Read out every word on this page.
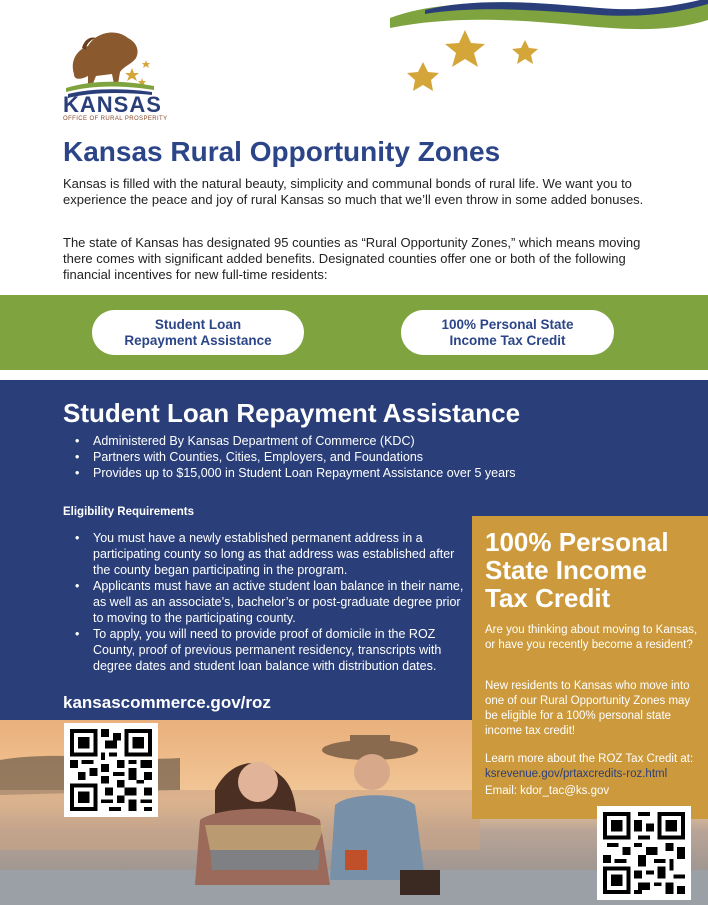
KANSAS
OFFICE OF RURAL PROSPERITY
Kansas Rural Opportunity Zones

Kansas is filled with the natural beauty, simplicity and communal bonds of rural life. We want you to experience the peace and joy of rural Kansas so much that we’ll even throw in some added bonuses.

The state of Kansas has designated 95 counties as “Rural Opportunity Zones,” which means moving there comes with significant added benefits. Designated counties offer one or both of the following financial incentives for new full-time residents:

Student Loan
Repayment Assistance
100% Personal State
Income Tax Credit
Student Loan Repayment Assistance
• Administered By Kansas Department of Commerce (KDC)
• Partners with Counties, Cities, Employers, and Foundations
• Provides up to $15,000 in Student Loan Repayment Assistance over 5 years
Eligibility Requirements
• You must have a newly established permanent address in a participating county so long as that address was established after the county began participating in the program.
• Applicants must have an active student loan balance in their name, as well as an associate’s, bachelor’s or post-graduate degree prior to moving to the participating county.
• To apply, you will need to provide proof of domicile in the ROZ County, proof of previous permanent residency, transcripts with degree dates and student loan balance with distribution dates.
kansascommerce.gov/roz
100% Personal
State Income
Tax Credit

Are you thinking about moving to Kansas, or have you recently become a resident?

New residents to Kansas who move into one of our Rural Opportunity Zones may be eligible for a 100% personal state income tax credit!

Learn more about the ROZ Tax Credit at: ksrevenue.gov/prtaxcredits-roz.html

Email: kdor_tac@ks.gov
